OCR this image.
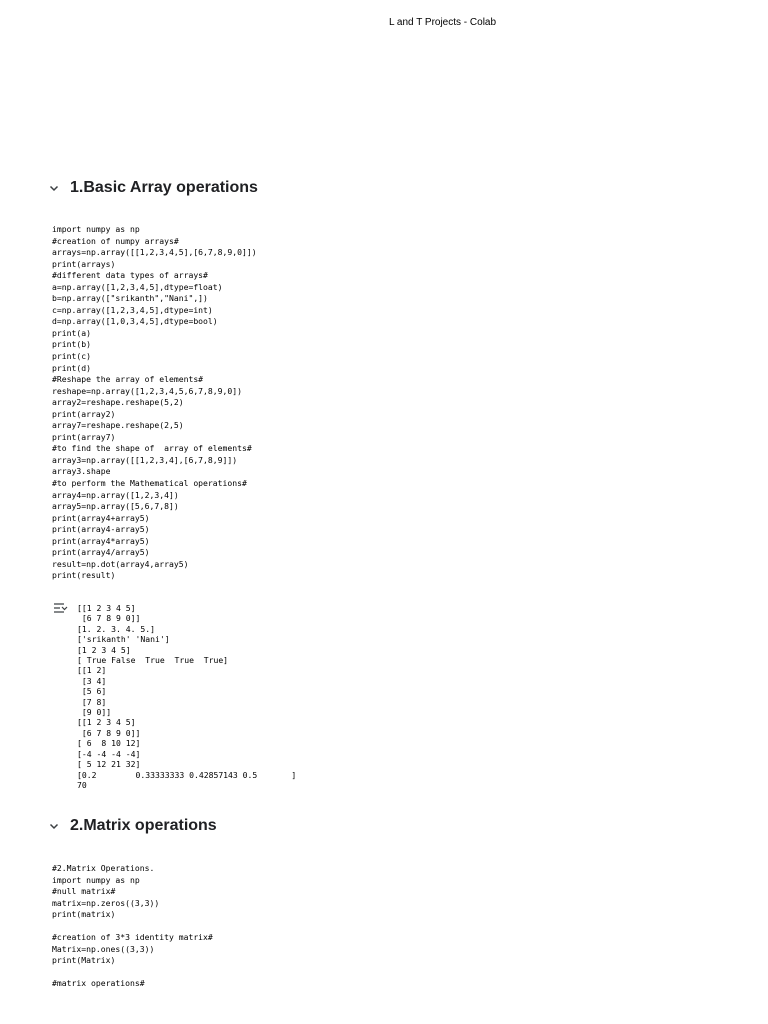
L and T Projects - Colab
1.Basic Array operations
import numpy as np
#creation of numpy arrays#
arrays=np.array([[1,2,3,4,5],[6,7,8,9,0]])
print(arrays)
#different data types of arrays#
a=np.array([1,2,3,4,5],dtype=float)
b=np.array(["srikanth","Nani",])
c=np.array([1,2,3,4,5],dtype=int)
d=np.array([1,0,3,4,5],dtype=bool)
print(a)
print(b)
print(c)
print(d)
#Reshape the array of elements#
reshape=np.array([1,2,3,4,5,6,7,8,9,0])
array2=reshape.reshape(5,2)
print(array2)
array7=reshape.reshape(2,5)
print(array7)
#to find the shape of  array of elements#
array3=np.array([[1,2,3,4],[6,7,8,9]])
array3.shape
#to perform the Mathematical operations#
array4=np.array([1,2,3,4])
array5=np.array([5,6,7,8])
print(array4+array5)
print(array4-array5)
print(array4*array5)
print(array4/array5)
result=np.dot(array4,array5)
print(result)
[[1 2 3 4 5]
[6 7 8 9 0]]
[1. 2. 3. 4. 5.]
['srikanth' 'Nani']
[1 2 3 4 5]
[ True False  True  True  True]
[[1 2]
[3 4]
[5 6]
[7 8]
[9 0]]
[[1 2 3 4 5]
[6 7 8 9 0]]
[ 6  8 10 12]
[-4 -4 -4 -4]
[ 5 12 21 32]
[0.2        0.33333333 0.42857143 0.5       ]
70
2.Matrix operations
#2.Matrix Operations.
import numpy as np
#null matrix#
matrix=np.zeros((3,3))
print(matrix)

#creation of 3*3 identity matrix#
Matrix=np.ones((3,3))
print(Matrix)

#matrix operations#
